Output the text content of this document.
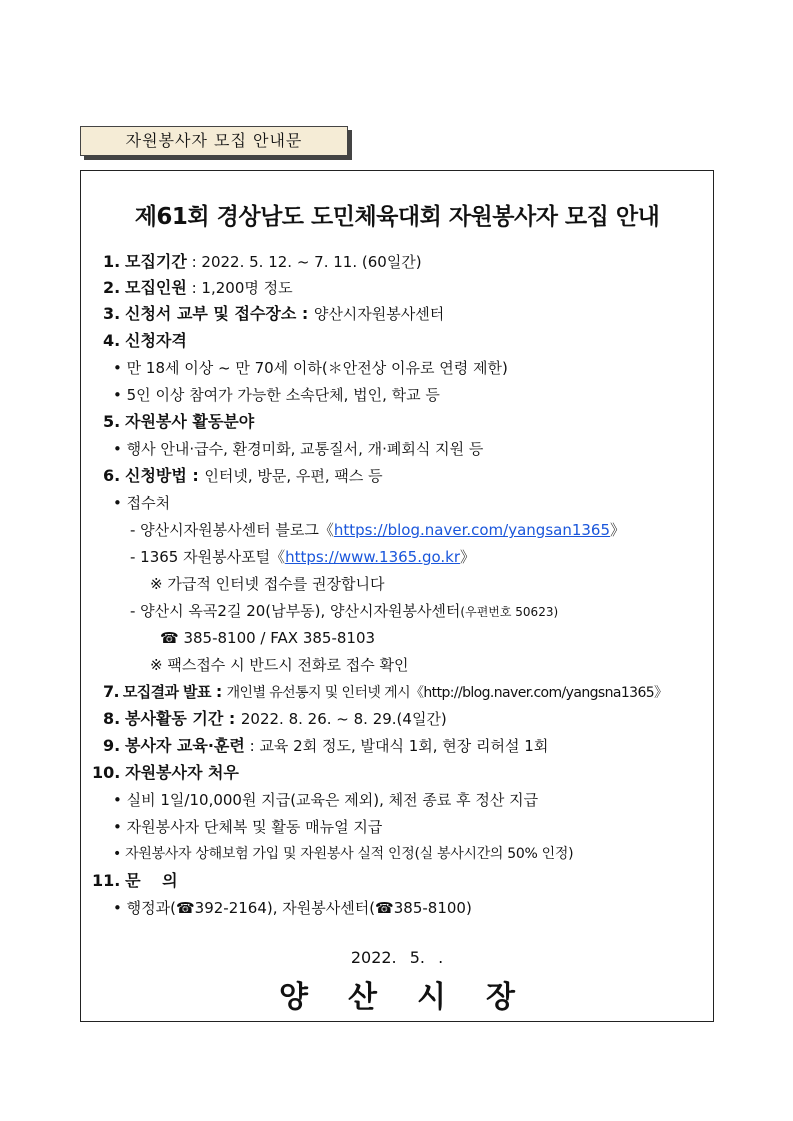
자원봉사자 모집 안내문
제61회 경상남도 도민체육대회 자원봉사자 모집 안내
1. 모집기간 : 2022. 5. 12. ~ 7. 11. (60일간)
2. 모집인원 : 1,200명 정도
3. 신청서 교부 및 접수장소 : 양산시자원봉사센터
4. 신청자격
• 만 18세 이상 ~ 만 70세 이하(＊안전상 이유로 연령 제한)
• 5인 이상 참여가 가능한 소속단체, 법인, 학교 등
5. 자원봉사 활동분야
• 행사 안내·급수, 환경미화, 교통질서, 개·폐회식 지원 등
6. 신청방법 : 인터넷, 방문, 우편, 팩스 등
• 접수처
- 양산시자원봉사센터 블로그《https://blog.naver.com/yangsan1365》
- 1365 자원봉사포털《https://www.1365.go.kr》
※ 가급적 인터넷 접수를 권장합니다
- 양산시 옥곡2길 20(남부동), 양산시자원봉사센터(우편번호 50623)
☎ 385-8100 / FAX 385-8103
※ 팩스접수 시 반드시 전화로 접수 확인
7. 모집결과 발표 : 개인별 유선통지 및 인터넷 게시《http://blog.naver.com/yangsna1365》
8. 봉사활동 기간 : 2022. 8. 26. ~ 8. 29.(4일간)
9. 봉사자 교육·훈련 : 교육 2회 정도, 발대식 1회, 현장 리허설 1회
10. 자원봉사자 처우
• 실비 1일/10,000원 지급(교육은 제외), 체전 종료 후 정산 지급
• 자원봉사자 단체복 및 활동 매뉴얼 지급
• 자원봉사자 상해보험 가입 및 자원봉사 실적 인정(실 봉사시간의 50% 인정)
11. 문　 의
• 행정과(☎392-2164), 자원봉사센터(☎385-8100)
2022. 5. .
양산시장
